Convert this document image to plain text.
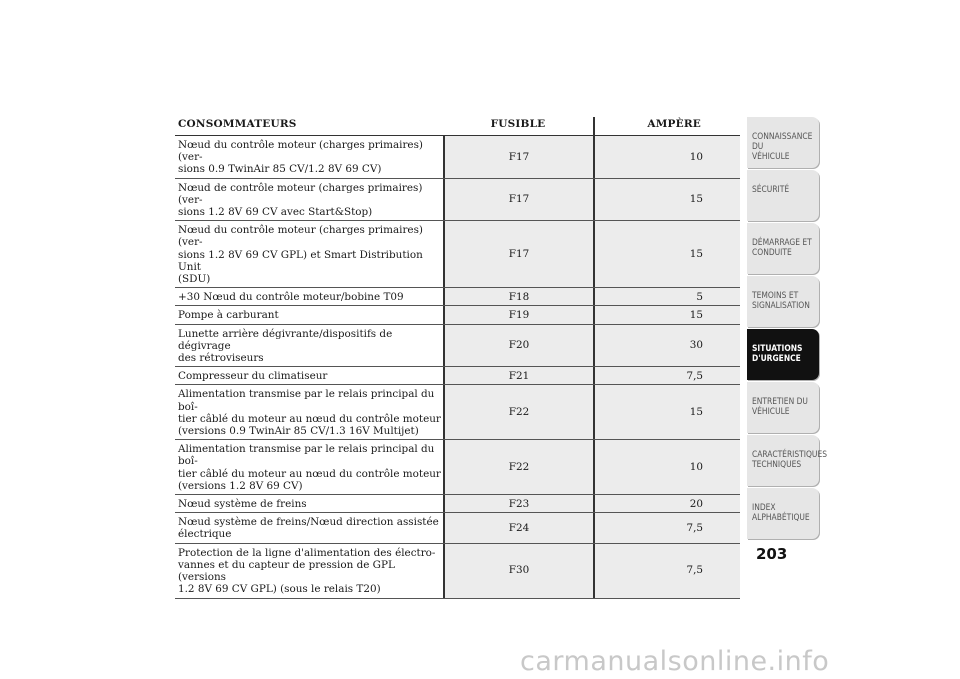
CONSOMMATEURS	FUSIBLE	AMPÈRE
Nœud du contrôle moteur (charges primaires) (ver-
sions 0.9 TwinAir 85 CV/1.2 8V 69 CV)
F17	10
Nœud de contrôle moteur (charges primaires) (ver-
sions 1.2 8V 69 CV avec Start&Stop)
F17	15
Nœud du contrôle moteur (charges primaires) (ver-
sions 1.2 8V 69 CV GPL) et Smart Distribution Unit
(SDU)
F17	15
+30 Nœud du contrôle moteur/bobine T09	F18	5
Pompe à carburant	F19	15
Lunette arrière dégivrante/dispositifs de dégivrage
des rétroviseurs
F20	30
Compresseur du climatiseur	F21	7,5
Alimentation transmise par le relais principal du boî-
tier câblé du moteur au nœud du contrôle moteur
(versions 0.9 TwinAir 85 CV/1.3 16V Multijet)
F22	15
Alimentation transmise par le relais principal du boî-
tier câblé du moteur au nœud du contrôle moteur
(versions 1.2 8V 69 CV)
F22	10
Nœud système de freins	F23	20
Nœud système de freins/Nœud direction assistée
électrique
F24	7,5
Protection de la ligne d'alimentation des électro-
vannes et du capteur de pression de GPL (versions
1.2 8V 69 CV GPL) (sous le relais T20)
F30	7,5
CONNAISSANCE DU
VÉHICULE
SÉCURITÉ
DÉMARRAGE ET
CONDUITE
TEMOINS ET
SIGNALISATION
SITUATIONS
D'URGENCE
ENTRETIEN DU
VÉHICULE
CARACTÉRISTIQUES
TECHNIQUES
INDEX
ALPHABÉTIQUE
203
carmanualsonline.info
